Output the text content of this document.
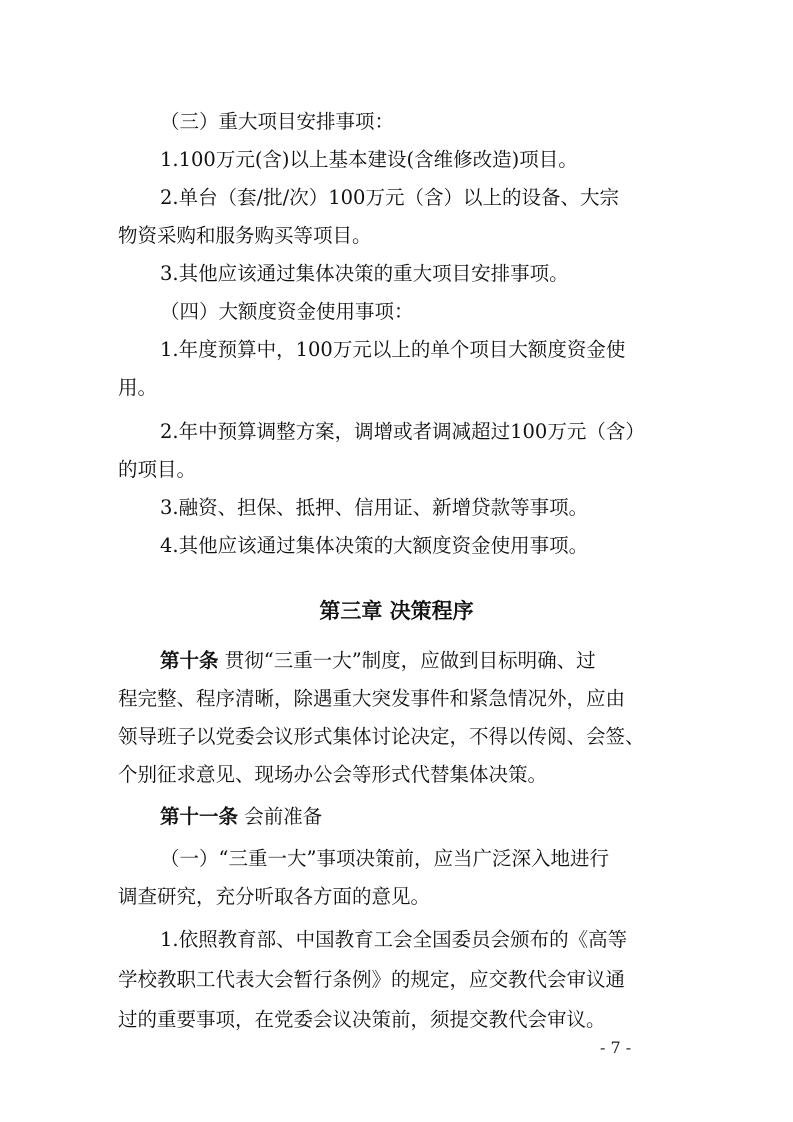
（三）重大项目安排事项：

1.100万元(含)以上基本建设(含维修改造)项目。

2.单台（套/批/次）100万元（含）以上的设备、大宗

物资采购和服务购买等项目。

3.其他应该通过集体决策的重大项目安排事项。

（四）大额度资金使用事项：

1.年度预算中，100万元以上的单个项目大额度资金使

用。

2.年中预算调整方案，调增或者调减超过100万元（含）

的项目。

3.融资、担保、抵押、信用证、新增贷款等事项。

4.其他应该通过集体决策的大额度资金使用事项。

第三章 决策程序

第十条 贯彻“三重一大”制度，应做到目标明确、过

程完整、程序清晰，除遇重大突发事件和紧急情况外，应由

领导班子以党委会议形式集体讨论决定，不得以传阅、会签、

个别征求意见、现场办公会等形式代替集体决策。

第十一条 会前准备

（一）“三重一大”事项决策前，应当广泛深入地进行

调查研究，充分听取各方面的意见。

1.依照教育部、中国教育工会全国委员会颁布的《高等

学校教职工代表大会暂行条例》的规定，应交教代会审议通

过的重要事项，在党委会议决策前，须提交教代会审议。

- 7 -
